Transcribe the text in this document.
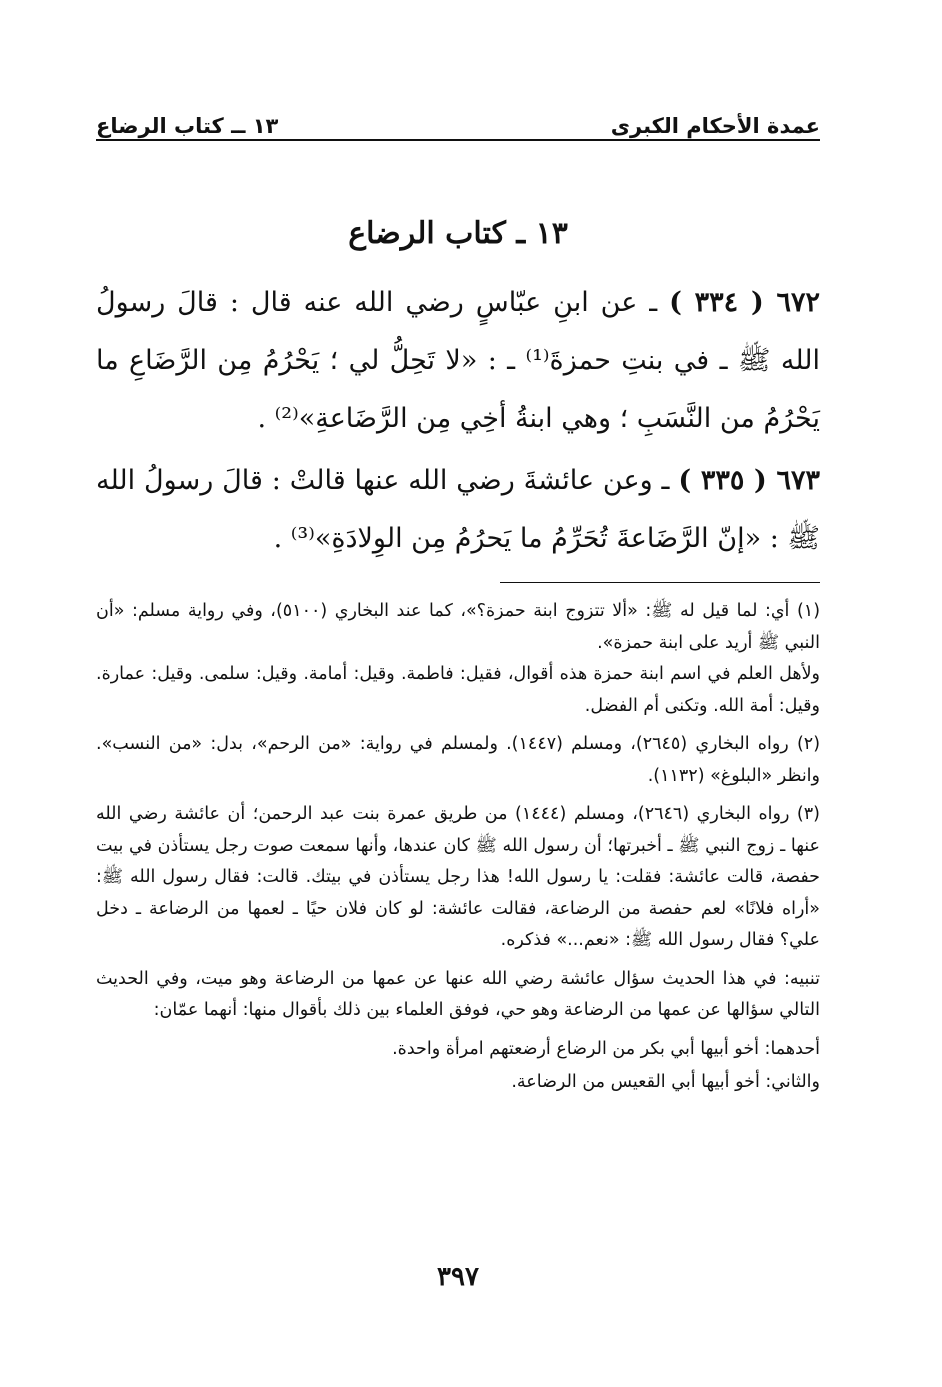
عمدة الأحكام الكبرى
١٣ ــ كتاب الرضاع
١٣ ـ كتاب الرضاع
٦٧٢ ( ٣٣٤ ) ـ عن ابنِ عبّاسٍ رضي الله عنه قال : قالَ رسولُ الله ﷺ ـ في بنتِ حمزةَ⁽¹⁾ ـ : «لا تَحِلُّ لي ؛ يَحْرُمُ مِن الرَّضَاعِ ما يَحْرُمُ من النَّسَبِ ؛ وهي ابنةُ أخِي مِن الرَّضَاعةِ»⁽²⁾ .
٦٧٣ ( ٣٣٥ ) ـ وعن عائشةَ رضي الله عنها قالتْ : قالَ رسولُ الله ﷺ : «إنّ الرَّضَاعةَ تُحَرِّمُ ما يَحرُمُ مِن الوِلادَةِ»⁽³⁾ .

(١) أي: لما قيل له ﷺ: «ألا تتزوج ابنة حمزة؟»، كما عند البخاري (٥١٠٠)، وفي رواية مسلم: «أن النبي ﷺ أريد على ابنة حمزة».

ولأهل العلم في اسم ابنة حمزة هذه أقوال، فقيل: فاطمة. وقيل: أمامة. وقيل: سلمى. وقيل: عمارة. وقيل: أمة الله. وتكنى أم الفضل.

(٢) رواه البخاري (٢٦٤٥)، ومسلم (١٤٤٧). ولمسلم في رواية: «من الرحم»، بدل: «من النسب». وانظر «البلوغ» (١١٣٢).

(٣) رواه البخاري (٢٦٤٦)، ومسلم (١٤٤٤) من طريق عمرة بنت عبد الرحمن؛ أن عائشة رضي الله عنها ـ زوج النبي ﷺ ـ أخبرتها؛ أن رسول الله ﷺ كان عندها، وأنها سمعت صوت رجل يستأذن في بيت حفصة، قالت عائشة: فقلت: يا رسول الله! هذا رجل يستأذن في بيتك. قالت: فقال رسول الله ﷺ: «أراه فلانًا» لعم حفصة من الرضاعة، فقالت عائشة: لو كان فلان حيًا ـ لعمها من الرضاعة ـ دخل علي؟ فقال رسول الله ﷺ: «نعم...» فذكره.

تنبيه: في هذا الحديث سؤال عائشة رضي الله عنها عن عمها من الرضاعة وهو ميت، وفي الحديث التالي سؤالها عن عمها من الرضاعة وهو حي، فوفق العلماء بين ذلك بأقوال منها: أنهما عمّان:

أحدهما: أخو أبيها أبي بكر من الرضاع أرضعتهم امرأة واحدة.

والثاني: أخو أبيها أبي القعيس من الرضاعة.

٣٩٧
